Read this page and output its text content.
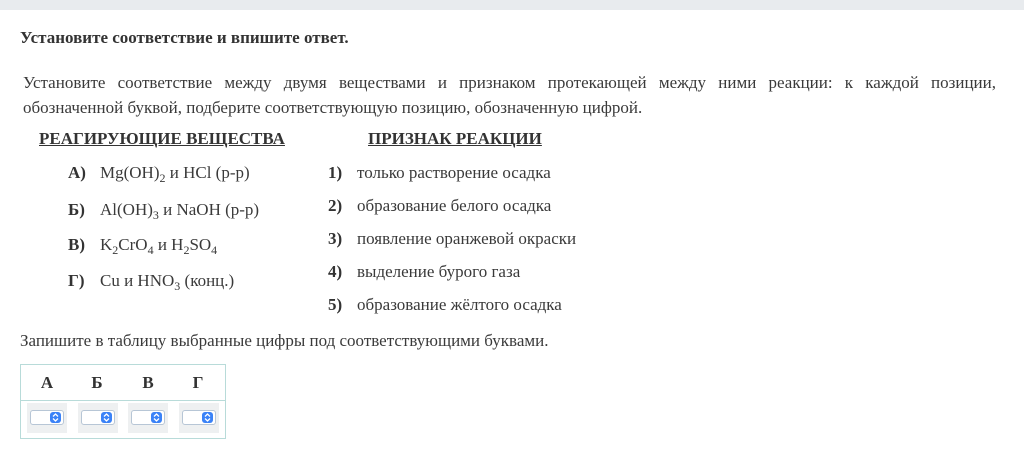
Установите соответствие и впишите ответ.
Установите соответствие между двумя веществами и признаком протекающей между ними реакции: к каждой позиции, обозначенной буквой, подберите соответствующую позицию, обозначенную цифрой.
РЕАГИРУЮЩИЕ ВЕЩЕСТВА	ПРИЗНАК РЕАКЦИИ
А) $Mg(OH)_2$ и HCl (р-р)
Б) $Al(OH)_3$ и NaOH (р-р)
В) $K_2CrO_4$ и $H_2SO_4$
Г) Cu и $HNO_3$ (конц.)
1) только растворение осадка
2) образование белого осадка
3) появление оранжевой окраски
4) выделение бурого газа
5) образование жёлтого осадка
Запишите в таблицу выбранные цифры под соответствующими буквами.
А	Б	В	Г
